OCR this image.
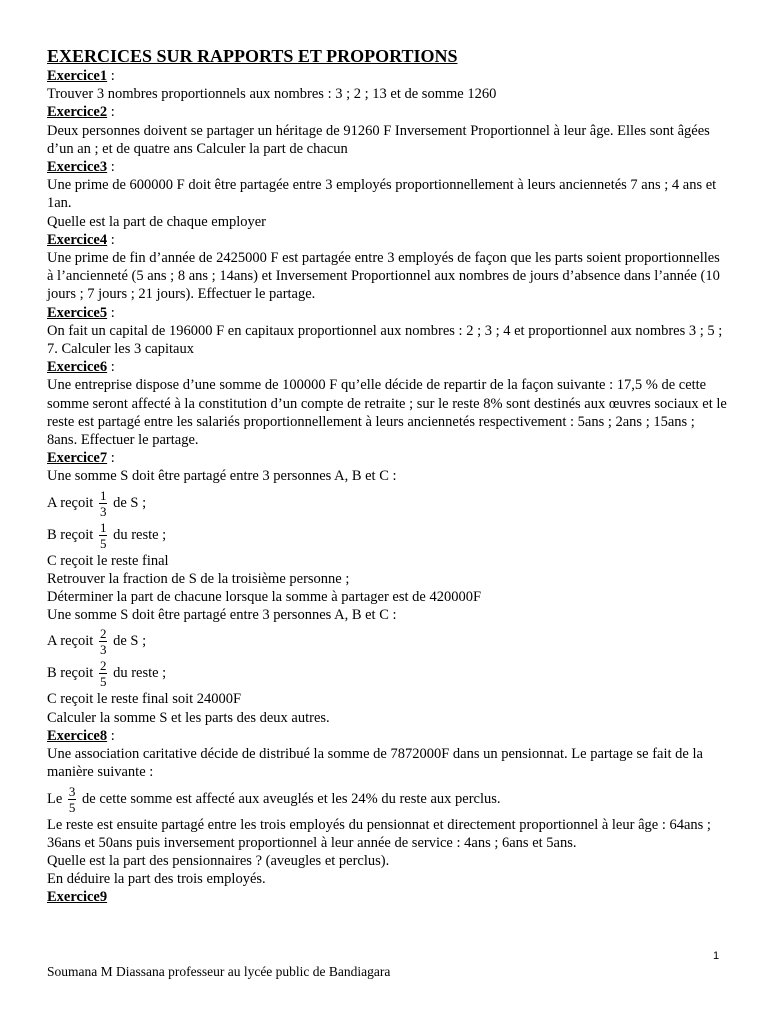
EXERCICES SUR RAPPORTS ET PROPORTIONS

Exercice1 :

Trouver 3 nombres proportionnels aux nombres : 3 ; 2 ; 13 et de somme 1260

Exercice2 :

Deux personnes doivent se partager un héritage de 91260 F Inversement Proportionnel à leur âge. Elles sont âgées d’un an ; et de quatre ans Calculer la part de chacun

Exercice3 :

Une prime de 600000 F doit être partagée entre 3 employés proportionnellement à leurs anciennetés 7 ans ; 4 ans et 1an.

Quelle est la part de chaque employer

Exercice4 :

Une prime de fin d’année de 2425000 F est partagée entre 3 employés de façon que les parts soient proportionnelles à l’ancienneté (5 ans ; 8 ans ; 14ans) et Inversement Proportionnel aux nombres de jours d’absence dans l’année (10 jours ; 7 jours ; 21 jours). Effectuer le partage.

Exercice5 :

On fait un capital de 196000 F en capitaux proportionnel aux nombres : 2 ; 3 ; 4 et proportionnel aux nombres 3 ; 5 ; 7. Calculer les 3 capitaux

Exercice6 :

Une entreprise dispose d’une somme de 100000 F qu’elle décide de repartir de la façon suivante : 17,5 % de cette somme seront affecté à la constitution d’un compte de retraite ; sur le reste 8% sont destinés aux œuvres sociaux et le reste est partagé entre les salariés proportionnellement à leurs anciennetés respectivement : 5ans ; 2ans ; 15ans ; 8ans. Effectuer le partage.

Exercice7 :

Une somme S doit être partagé entre 3 personnes A, B et C :

A reçoit $\frac{1}{3}$ de S ;

B reçoit $\frac{1}{5}$ du reste ;

C reçoit le reste final

Retrouver la fraction de S de la troisième personne ;

Déterminer la part de chacune lorsque la somme à partager est de 420000F

Une somme S doit être partagé entre 3 personnes A, B et C :

A reçoit $\frac{2}{3}$ de S ;

B reçoit $\frac{2}{5}$ du reste ;

C reçoit le reste final soit 24000F

Calculer la somme S et les parts des deux autres.

Exercice8 :

Une association caritative décide de distribué la somme de 7872000F dans un pensionnat. Le partage se fait de la manière suivante :

Le $\frac{3}{5}$ de cette somme est affecté aux aveuglés et les 24% du reste aux perclus.

Le reste est ensuite partagé entre les trois employés du pensionnat et directement proportionnel à leur âge : 64ans ; 36ans et 50ans puis inversement proportionnel à leur année de service : 4ans ; 6ans et 5ans.

Quelle est la part des pensionnaires ? (aveugles et perclus).

En déduire la part des trois employés.

Exercice9

1
Soumana M Diassana professeur au lycée public de Bandiagara
